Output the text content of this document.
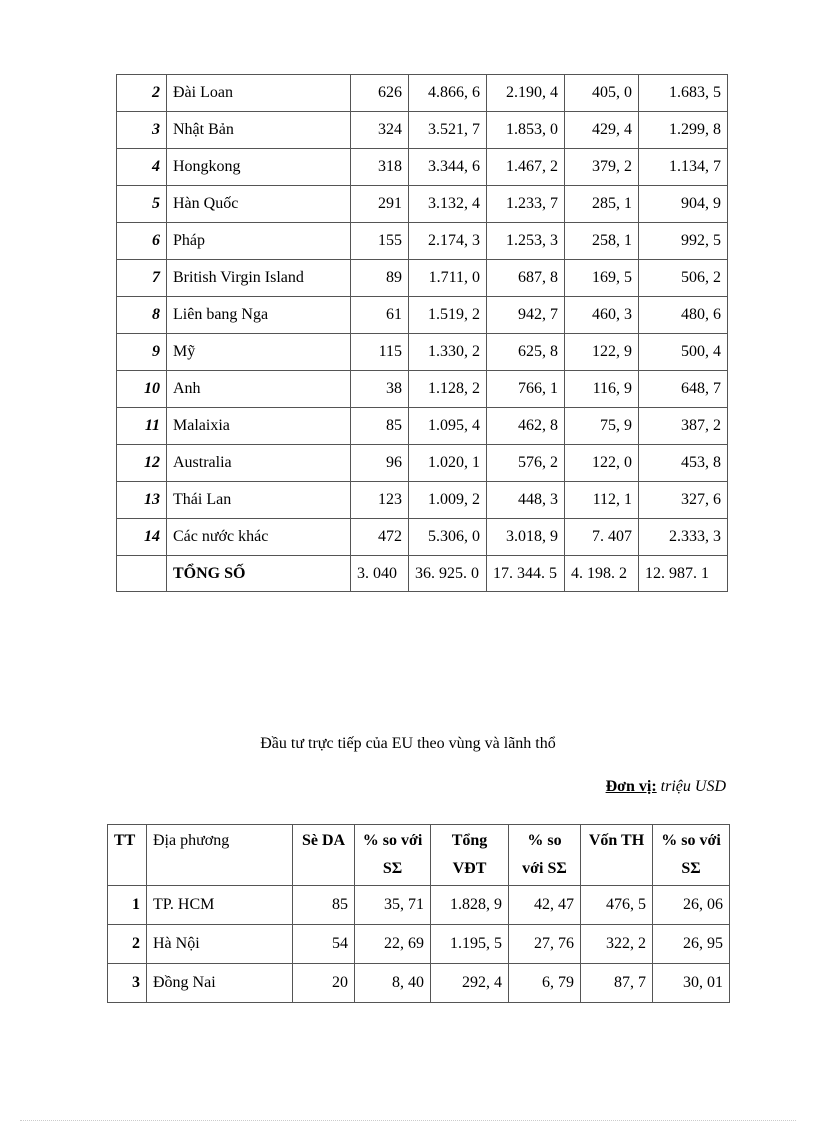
2	Đài Loan	626	4.866, 6	2.190, 4	405, 0	1.683, 5
3	Nhật Bản	324	3.521, 7	1.853, 0	429, 4	1.299, 8
4	Hongkong	318	3.344, 6	1.467, 2	379, 2	1.134, 7
5	Hàn Quốc	291	3.132, 4	1.233, 7	285, 1	904, 9
6	Pháp	155	2.174, 3	1.253, 3	258, 1	992, 5
7	British Virgin Island	89	1.711, 0	687, 8	169, 5	506, 2
8	Liên bang Nga	61	1.519, 2	942, 7	460, 3	480, 6
9	Mỹ	115	1.330, 2	625, 8	122, 9	500, 4
10	Anh	38	1.128, 2	766, 1	116, 9	648, 7
11	Malaixia	85	1.095, 4	462, 8	75, 9	387, 2
12	Australia	96	1.020, 1	576, 2	122, 0	453, 8
13	Thái Lan	123	1.009, 2	448, 3	112, 1	327, 6
14	Các nước khác	472	5.306, 0	3.018, 9	7. 407	2.333, 3
	TỔNG SỐ	3. 040	36. 925. 0	17. 344. 5	4. 198. 2	12. 987. 1
Đầu tư trực tiếp của EU theo vùng và lãnh thổ
Đơn vị: triệu USD
TT	Địa phương	Sè DA	% so với SΣ	Tổng VĐT	% so với SΣ	Vốn TH	% so với SΣ
1	TP. HCM	85	35, 71	1.828, 9	42, 47	476, 5	26, 06
2	Hà Nội	54	22, 69	1.195, 5	27, 76	322, 2	26, 95
3	Đồng Nai	20	8, 40	292, 4	6, 79	87, 7	30, 01
